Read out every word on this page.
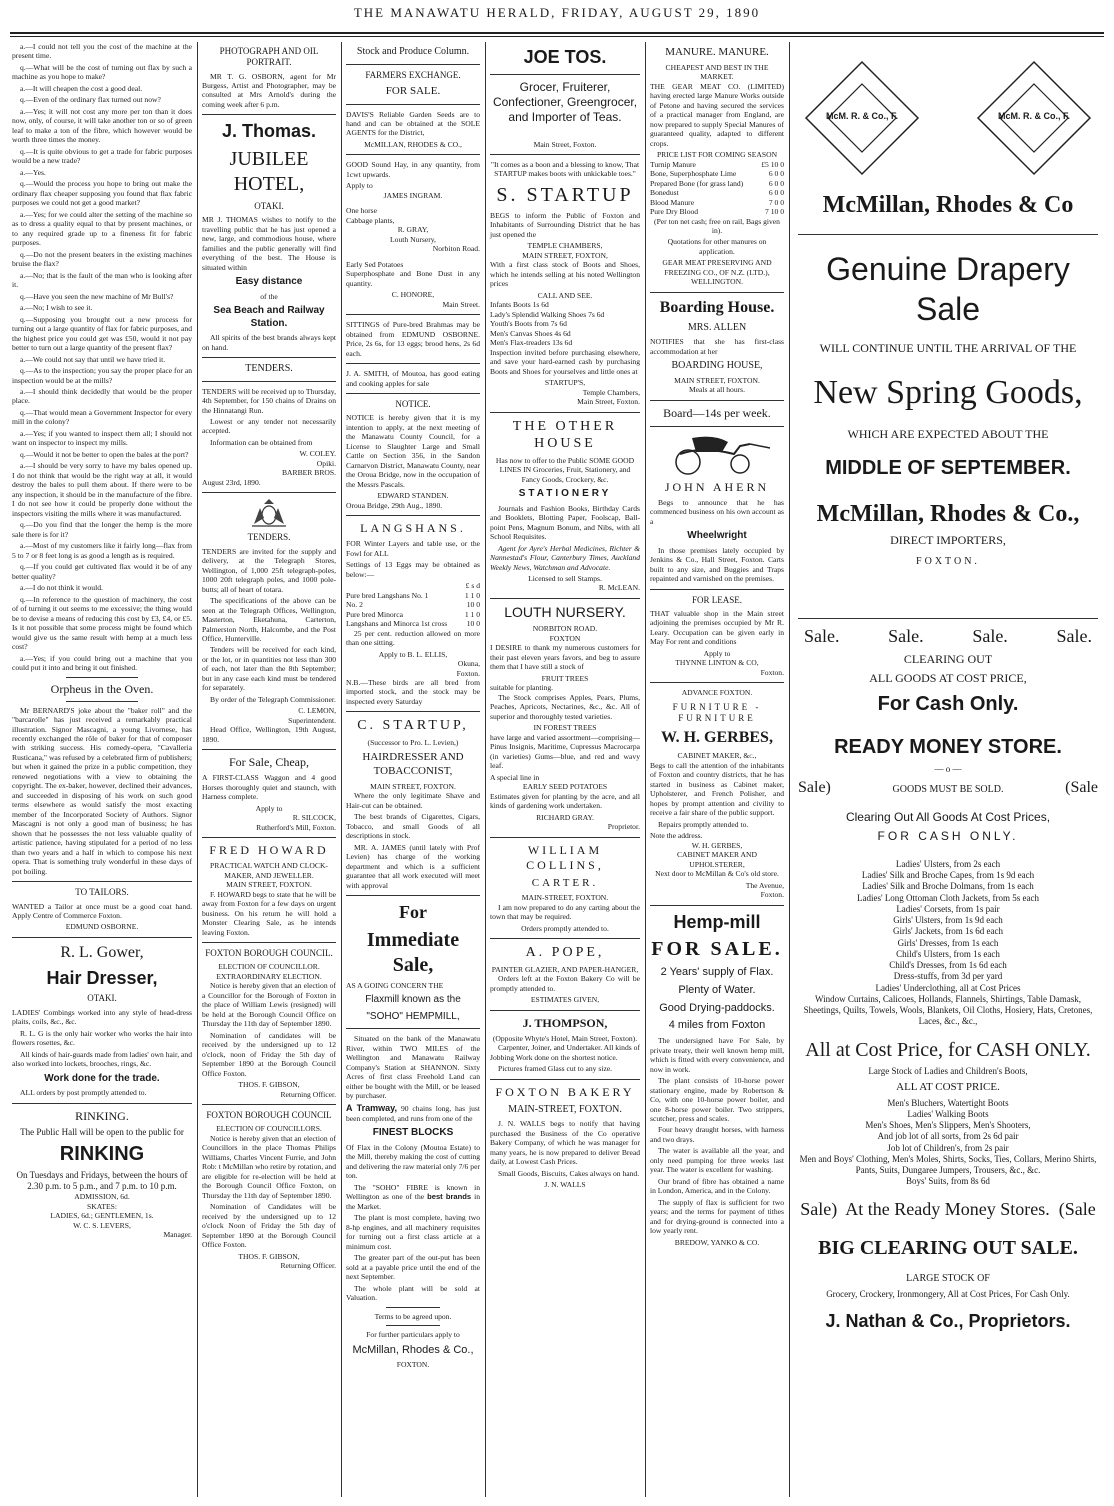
THE MANAWATU HERALD, FRIDAY, AUGUST 29, 1890
a.—I could not tell you the cost of the machine at the present time.
q.—What will be the cost of turning out flax by such a machine as you hope to make?
a.—It will cheapen the cost a good deal.
q.—Even of the ordinary flax turned out now?
a.—Yes; it will not cost any more per ton than it does now, only, of course, it will take another ton or so of green leaf to make a ton of the fibre, which however would be worth three times the money.
q.—It is quite obvious to get a trade for fabric purposes would be a new trade?
a.—Yes.
q.—Would the process you hope to bring out make the ordinary flax cheaper supposing you found that flax fabric purposes we could not get a good market?
a.—Yes; for we could alter the setting of the machine so as to dress a quality equal to that by present machines, or to any required grade up to a fineness fit for fabric purposes.
q.—Do not the present beaters in the existing machines bruise the flax?
a.—No; that is the fault of the man who is looking after it.
q.—Have you seen the new machine of Mr Bull's?
a.—No; I wish to see it.
q.—Supposing you brought out a new process for turning out a large quantity of flax for fabric purposes, and the highest price you could get was £50, would it not pay better to turn out a large quantity of the present flax?
a.—We could not say that until we have tried it.
q.—As to the inspection; you say the proper place for an inspection would be at the mills?
a.—I should think decidedly that would be the proper place.
q.—That would mean a Government Inspector for every mill in the colony?
a.—Yes; if you wanted to inspect them all; I should not want on inspector to inspect my mills.
q.—Would it not be better to open the bales at the port?
a.—I should be very sorry to have my bales opened up. I do not think that would be the right way at all, it would destroy the bales to pull them about. If there were to be any inspection, it should be in the manufacture of the fibre. I do not see how it could be properly done without the inspectors visiting the mills where it was manufactured.
q.—Do you find that the longer the hemp is the more sale there is for it?
a.—Most of my customers like it fairly long—flax from 5 to 7 or 8 feet long is as good a length as is required.
q.—If you could get cultivated flax would it be of any better quality?
a.—I do not think it would.
q.—In reference to the question of machinery, the cost of of turning it out seems to me excessive; the thing would be to devise a means of reducing this cost by £3, £4, or £5. Is it not possible that some process might be found which would give us the same result with hemp at a much less cost?
a.—Yes; if you could bring out a machine that you could put it into and bring it out finished.
Orpheus in the Oven.

Mr BERNARD'S joke about the "baker roll" and the "barcarolle" has just received a remarkably practical illustration. Signor Mascagni, a young Livornese, has recently exchanged the rôle of baker for that of composer with striking success. His comedy-opera, "Cavalleria Rusticana," was refused by a celebrated firm of publishers; but when it gained the prize in a public competition, they renewed negotiations with a view to obtaining the copyright. The ex-baker, however, declined their advances, and succeeded in disposing of his work on such good terms elsewhere as would satisfy the most exacting member of the Incorporated Society of Authors. Signor Mascagni is not only a good man of business; he has shown that he possesses the not less valuable quality of artistic patience, having stipulated for a period of no less than two years and a half in which to compose his next opera. That is something truly wonderful in these days of pot boiling.

TO TAILORS.

WANTED a Tailor at once must be a good coat hand. Apply Centre of Commerce Foxton.

EDMUND OSBORNE.
R. L. Gower,
Hair Dresser,
OTAKI.

LADIES' Combings worked into any style of head-dress plaits, coils, &c., &c.

R. L. G is the only hair worker who works the hair into flowers rosettes, &c.

All kinds of hair-guards made from ladies' own hair, and also worked into lockets, brooches, rings, &c.

Work done for the trade.

ALL orders by post promptly attended to.

RINKING.
The Public Hall will be open to the public for
RINKING
On Tuesdays and Fridays, between the hours of 2.30 p.m. to 5 p.m., and 7 p.m. to 10 p.m.
ADMISSION, 6d.
SKATES:
LADIES, 6d.; GENTLEMEN, 1s.
W. C. S. LEVERS,
Manager.
PHOTOGRAPH AND OIL PORTRAIT.

MR T. G. OSBORN, agent for Mr Burgess, Artist and Photographer, may be consulted at Mrs Arnold's during the coming week after 6 p.m.

J. Thomas.
JUBILEE HOTEL,
OTAKI.

MR J. THOMAS wishes to notify to the travelling public that he has just opened a new, large, and commodious house, where families and the public generally will find everything of the best. The House is situated within

Easy distance
of the
Sea Beach and Railway Station.

All spirits of the best brands always kept on hand.

TENDERS.

TENDERS will be received up to Thursday, 4th September, for 150 chains of Drains on the Hinnatangi Run.

Lowest or any tender not necessarily accepted.

Information can be obtained from

W. COLEY.
Opiki.
BARBER BROS.
August 23rd, 1890.
TENDERS.

TENDERS are invited for the supply and delivery, at the Telegraph Stores, Wellington, of 1,000 25ft telegraph-poles, 1000 20ft telegraph poles, and 1000 pole-butts; all of heart of totara.

The specifications of the above can be seen at the Telegraph Offices, Wellington, Masterton, Eketahuna, Carterton, Palmerston North, Halcombe, and the Post Office, Hunterville.

Tenders will be received for each kind, or the lot, or in quantities not less than 300 of each, not later than the 8th September; but in any case each kind must be tendered for separately.

By order of the Telegraph Commissioner.

C. LEMON,
Superintendent.

Head Office, Wellington, 19th August, 1890.

For Sale, Cheap,

A FIRST-CLASS Waggon and 4 good Horses thoroughly quiet and staunch, with Harness complete.

Apply to
R. SILCOCK,
Rutherford's Mill, Foxton.
FRED HOWARD
PRACTICAL WATCH AND CLOCK-MAKER, AND JEWELLER.
MAIN STREET, FOXTON.

F. HOWARD begs to state that he will be away from Foxton for a few days on urgent business. On his return he will hold a Monster Clearing Sale, as he intends leaving Foxton.

FOXTON BOROUGH COUNCIL.
ELECTION OF COUNCILLOR.
EXTRAORDINARY ELECTION.

Notice is hereby given that an election of a Councillor for the Borough of Foxton in the place of William Lewis (resigned) will be held at the Borough Council Office on Thursday the 11th day of September 1890.

Nomination of candidates will be received by the undersigned up to 12 o'clock, noon of Friday the 5th day of September 1890 at the Borough Council Office Foxton.

THOS. F. GIBSON,
Returning Officer.
FOXTON BOROUGH COUNCIL
ELECTION OF COUNCILLORS.

Notice is hereby given that an election of Councillors in the place Thomas Philips Williams, Charles Vincent Furrie, and John Rob: t McMillan who retire by rotation, and are eligible for re-election will be held at the Borough Council Office Foxton, on Thursday the 11th day of September 1890.

Nomination of Candidates will be received by the undersigned up to 12 o'clock Noon of Friday the 5th day of September 1890 at the Borough Council Office Foxton.

THOS. F. GIBSON,
Returning Officer.
Stock and Produce Column.
FARMERS EXCHANGE.
FOR SALE.

DAVIS'S Reliable Garden Seeds are to hand and can be obtained at the SOLE AGENTS for the District,

McMILLAN, RHODES & CO.,

GOOD Sound Hay, in any quantity, from 1cwt upwards.

Apply to
JAMES INGRAM.
One horse
Cabbage plants,
R. GRAY,
Louth Nursery,
Norbiton Road.
Early Sed Potatoes

Superphosphate and Bone Dust in any quantity.

C. HONORE,
Main Street.

SITTINGS of Pure-bred Brahmas may be obtained from EDMUND OSBORNE. Price, 2s 6s, for 13 eggs; brood hens, 2s 6d each.

J. A. SMITH, of Moutoa, has good eating and cooking apples for sale

NOTICE.

NOTICE is hereby given that it is my intention to apply, at the next meeting of the Manawatu County Council, for a License to Slaughter Large and Small Cattle on Section 356, in the Sandon Carnarvon District, Manawatu County, near the Oroua Bridge, now in the occupation of the Messrs Pascals.

EDWARD STANDEN.
Oroua Bridge, 29th Aug., 1890.
LANGSHANS.

FOR Winter Layers and table use, or the Fowl for ALL

Settings of 13 Eggs may be obtained as below:—

£ s d
Pure bred Langshans No. 1	1 1 0
No. 2	10 0
Pure bred Minorca	1 1 0
Langshans and Minorca 1st cross	10 0

25 per cent. reduction allowed on more than one sitting.

Apply to B. L. ELLIS,
Okuna,
Foxton.

N.B.—These birds are all bred from imported stock, and the stock may be inspected every Saturday

C. STARTUP,
(Successor to Pro. L. Levien,)
HAIRDRESSER AND TOBACCONIST,
MAIN STREET, FOXTON.

Where the only legitimate Shave and Hair-cut can be obtained.

The best brands of Cigarettes, Cigars, Tobacco, and small Goods of all descriptions in stock.

MR. A. JAMES (until lately with Prof Levien) has charge of the working department and which is a sufficient guarantee that all work executed will meet with approval

For
Immediate Sale,
AS A GOING CONCERN THE
Flaxmill known as the
"SOHO" HEMPMILL,

Situated on the bank of the Manawatu River, within TWO MILES of the Wellington and Manawatu Railway Company's Station at SHANNON. Sixty Acres of first class Freehold Land can either be bought with the Mill, or be leased by purchaser.

A Tramway, 90 chains long, has just been completed, and runs from one of the

FINEST BLOCKS

Of Flax in the Colony (Moutoa Estate) to the Mill, thereby making the cost of cutting and delivering the raw material only 7/6 per ton.

The "SOHO" FIBRE is known in Wellington as one of the best brands in the Market.

The plant is most complete, having two 8-hp engines, and all machinery requisites for turning out a first class article at a minimum cost.

The greater part of the out-put has been sold at a payable price until the end of the next September.

The whole plant will be sold at Valuation.

Terms to be agreed upon.
For further particulars apply to
McMillan, Rhodes & Co.,
FOXTON.
JOE TOS.
Grocer, Fruiterer, Confectioner, Greengrocer, and Importer of Teas.
Main Street, Foxton.

"It comes as a boon and a blessing to know, That STARTUP makes boots with unkickable toes."

S. STARTUP

BEGS to inform the Public of Foxton and Inhabitants of Surrounding District that he has just opened the

TEMPLE CHAMBERS,
MAIN STREET, FOXTON,

With a first class stock of Boots and Shoes, which he intends selling at his noted Wellington prices

CALL AND SEE.
Infants Boots 1s 6d
Lady's Splendid Walking Shoes 7s 6d
Youth's Boots from 7s 6d
Men's Canvas Shoes 4s 6d
Men's Flax-treaders 13s 6d

Inspection invited before purchasing elsewhere, and save your hard-earned cash by purchasing Boots and Shoes for yourselves and little ones at

STARTUP'S,
Temple Chambers,
Main Street, Foxton.
THE OTHER HOUSE

Has now to offer to the Public SOME GOOD LINES IN Groceries, Fruit, Stationery, and Fancy Goods, Crockery, &c.

STATIONERY

Journals and Fashion Books, Birthday Cards and Booklets, Blotting Paper, Foolscap, Ball-point Pens, Magnum Bonum, and Nibs, with all School Requisites.

Agent for Ayre's Herbal Medicines, Richter & Nannestad's Flour, Canterbury Times, Auckland Weekly News, Watchman and Advocate.

Licensed to sell Stamps.
R. McLEAN.
LOUTH NURSERY.
NORBITON ROAD.
FOXTON

I DESIRE to thank my numerous customers for their past eleven years favors, and beg to assure them that I have still a stock of

FRUIT TREES
suitable for planting.

The Stock comprises Apples, Pears, Plums, Peaches, Apricots, Nectarines, &c., &c. All of superior and thoroughly tested varieties.

IN FOREST TREES

have large and varied assortment—comprising—Pinus Insignis, Maritime, Cupressus Macrocarpa (in varieties) Gums—blue, and red and wavy leaf.

A special line in
EARLY SEED POTATOES

Estimates given for planting by the acre, and all kinds of gardening work undertaken.

RICHARD GRAY.
Proprietor.
WILLIAM COLLINS,
CARTER.
MAIN-STREET, FOXTON.

I am now prepared to do any carting about the town that may be required.

Orders promptly attended to.
A. POPE,
PAINTER GLAZIER, AND PAPER-HANGER,

Orders left at the Foxton Bakery Co will be promptly attended to.

ESTIMATES GIVEN,
J. THOMPSON,
(Opposite Whyte's Hotel, Main Street, Foxton).

Carpenter, Joiner, and Undertaker. All kinds of Jobbing Work done on the shortest notice.

Pictures framed Glass cut to any size.

FOXTON BAKERY
MAIN-STREET, FOXTON.

J. N. WALLS begs to notify that having purchased the Business of the Co operative Bakery Company, of which he was manager for many years, he is now prepared to deliver Bread daily, at Lowest Cash Prices.

Small Goods, Biscuits, Cakes always on hand.

J. N. WALLS
MANURE. MANURE.
CHEAPEST AND BEST IN THE MARKET.

THE GEAR MEAT CO. (LIMITED) having erected large Manure Works outside of Petone and having secured the services of a practical manager from England, are now prepared to supply Special Manures of guaranteed quality, adapted to different crops.

PRICE LIST FOR COMING SEASON
Turnip Manure	£5 10 0
Bone, Superphosphate Lime	6 0 0
Prepared Bone (for grass land)	6 0 0
Bonedust	6 0 0
Blood Manure	7 0 0
Pure Dry Blood	7 10 0

(Per ton net cash; free on rail, Bags given in).

Quotations for other manures on application.

GEAR MEAT PRESERVING AND FREEZING CO., OF N.Z. (LTD.), WELLINGTON.

Boarding House.
MRS. ALLEN

NOTIFIES that she has first-class accommodation at her

BOARDING HOUSE,
MAIN STREET, FOXTON.
Meals at all hours.
Board—14s per week.
JOHN AHERN

Begs to announce that he has commenced business on his own account as a

Wheelwright

In those premises lately occupied by Jenkins & Co., Hall Street, Foxton. Carts built to any size, and Buggies and Traps repainted and varnished on the premises.

FOR LEASE.

THAT valuable shop in the Main street adjoining the premises occupied by Mr R. Leary. Occupation can be given early in May For rent and conditions

Apply to
THYNNE LINTON & CO,
Foxton.
ADVANCE FOXTON.
FURNITURE - FURNITURE
W. H. GERBES,
CABINET MAKER, &c.,

Begs to call the attention of the inhabitants of Foxton and country districts, that he has started in business as Cabinet maker, Upholsterer, and French Polisher, and hopes by prompt attention and civility to receive a fair share of the public support.

Repairs promptly attended to.

Note the address.
W. H. GERBES,
CABINET MAKER AND UPHOLSTERER,

Next door to McMillan & Co's old store.

The Avenue,
Foxton.
Hemp-mill
FOR SALE.
2 Years' supply of Flax.
Plenty of Water.
Good Drying-paddocks.
4 miles from Foxton

The undersigned have For Sale, by private treaty, their well known hemp mill, which is fitted with every convenience, and now in work.

The plant consists of 10-horse power stationary engine, made by Robertson & Co, with one 10-horse power boiler, and one 8-horse power boiler. Two strippers, scutcher, press and scales.

Four heavy draught horses, with harness and two drays.

The water is available all the year, and only need pumping for three weeks last year. The water is excellent for washing.

Our brand of fibre has obtained a name in London, America, and in the Colony.

The supply of flax is sufficient for two years; and the terms for payment of tithes and for drying-ground is connected into a low yearly rent.

BREDOW, YANKO & CO.
McM. R. & Co., F.	McM. R. & Co., F.
McMillan, Rhodes & Co
Genuine Drapery Sale
WILL CONTINUE UNTIL THE ARRIVAL OF THE
New Spring Goods,
WHICH ARE EXPECTED ABOUT THE
MIDDLE OF SEPTEMBER.
McMillan, Rhodes & Co.,
DIRECT IMPORTERS,
FOXTON.
Sale.	Sale.	Sale.	Sale.
CLEARING OUT
ALL GOODS AT COST PRICE,
For Cash Only.
READY MONEY STORE.
— o —
Sale)	GOODS MUST BE SOLD.	(Sale
Clearing Out All Goods At Cost Prices,
FOR CASH ONLY.
Ladies' Ulsters, from 2s each
Ladies' Silk and Broche Capes, from 1s 9d each
Ladies' Silk and Broche Dolmans, from 1s each
Ladies' Long Ottoman Cloth Jackets, from 5s each
Ladies' Corsets, from 1s pair
Girls' Ulsters, from 1s 9d each
Girls' Jackets, from 1s 6d each
Girls' Dresses, from 1s each
Child's Ulsters, from 1s each
Child's Dresses, from 1s 6d each
Dress-stuffs, from 3d per yard
Ladies' Underclothing, all at Cost Prices
Window Curtains, Calicoes, Hollands, Flannels, Shirtings, Table Damask, Sheetings, Quilts, Towels, Wools, Blankets, Oil Cloths, Hosiery, Hats, Cretones, Laces, &c., &c.,
All at Cost Price, for CASH ONLY.
Large Stock of Ladies and Children's Boots,
ALL AT COST PRICE.
Men's Bluchers, Watertight Boots
Ladies' Walking Boots
Men's Shoes, Men's Slippers, Men's Shooters,
And job lot of all sorts, from 2s 6d pair
Job lot of Children's, from 2s pair
Men and Boys' Clothing, Men's Moles, Shirts, Socks, Ties, Collars, Merino Shirts, Pants, Suits, Dungaree Jumpers, Trousers, &c., &c.
Boys' Suits, from 8s 6d
Sale)  At the Ready Money Stores.  (Sale
BIG CLEARING OUT SALE.
LARGE STOCK OF
Grocery, Crockery, Ironmongery, All at Cost Prices, For Cash Only.
J. Nathan & Co., Proprietors.
